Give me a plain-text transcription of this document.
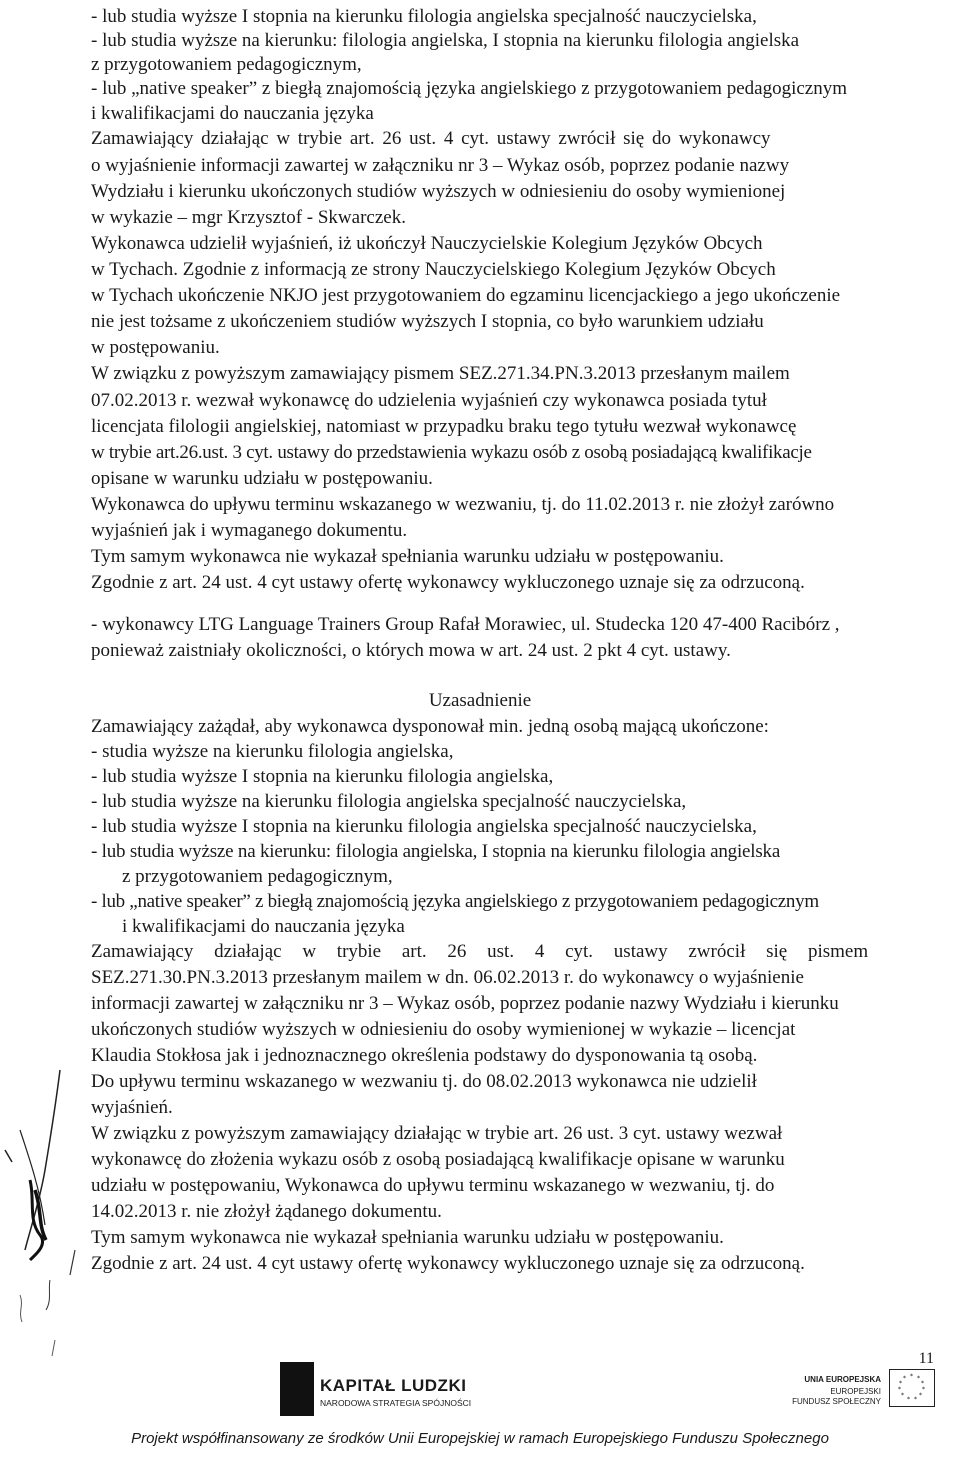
- lub studia wyższe I stopnia na kierunku filologia angielska specjalność nauczycielska,
- lub studia wyższe na kierunku: filologia angielska, I stopnia na kierunku filologia angielska
z przygotowaniem pedagogicznym,
- lub „native speaker” z biegłą znajomością języka angielskiego z przygotowaniem pedagogicznym
i kwalifikacjami do nauczania języka
Zamawiający działając w trybie art. 26 ust. 4 cyt. ustawy zwrócił się do wykonawcy
o wyjaśnienie informacji zawartej w załączniku nr 3 – Wykaz osób, poprzez podanie nazwy
Wydziału i kierunku ukończonych studiów wyższych w odniesieniu do osoby wymienionej
w wykazie – mgr Krzysztof - Skwarczek.
Wykonawca udzielił wyjaśnień, iż ukończył Nauczycielskie Kolegium Języków Obcych
w Tychach. Zgodnie z informacją ze strony Nauczycielskiego Kolegium Języków Obcych
w Tychach ukończenie NKJO jest przygotowaniem do egzaminu licencjackiego a jego ukończenie
nie jest tożsame z ukończeniem studiów wyższych I stopnia, co było warunkiem udziału
w postępowaniu.
W związku z powyższym zamawiający pismem SEZ.271.34.PN.3.2013 przesłanym mailem
07.02.2013 r. wezwał wykonawcę do udzielenia wyjaśnień czy wykonawca posiada tytuł
licencjata filologii angielskiej, natomiast w przypadku braku tego tytułu wezwał wykonawcę
w trybie art.26.ust. 3 cyt. ustawy do przedstawienia wykazu osób z osobą posiadającą kwalifikacje
opisane w warunku udziału w postępowaniu.
Wykonawca do upływu terminu wskazanego w wezwaniu, tj. do 11.02.2013 r. nie złożył zarówno
wyjaśnień jak i wymaganego dokumentu.
Tym samym wykonawca nie wykazał spełniania warunku udziału w postępowaniu.
Zgodnie z art. 24 ust. 4 cyt ustawy ofertę wykonawcy wykluczonego uznaje się za odrzuconą.
- wykonawcy LTG Language Trainers Group Rafał Morawiec, ul. Studecka 120 47-400 Racibórz ,
ponieważ zaistniały okoliczności, o których mowa w art. 24 ust. 2 pkt 4 cyt. ustawy.
Uzasadnienie
Zamawiający zażądał, aby wykonawca dysponował min. jedną osobą mającą ukończone:
- studia wyższe na kierunku filologia angielska,
- lub studia wyższe I stopnia na kierunku filologia angielska,
- lub studia wyższe na kierunku filologia angielska specjalność nauczycielska,
- lub studia wyższe I stopnia na kierunku filologia angielska specjalność nauczycielska,
- lub studia wyższe na kierunku: filologia angielska, I stopnia na kierunku filologia angielska
z przygotowaniem pedagogicznym,
- lub „native speaker” z biegłą znajomością języka angielskiego z przygotowaniem pedagogicznym
i kwalifikacjami do nauczania języka
Zamawiający działając w trybie art. 26 ust. 4 cyt. ustawy zwrócił się pismem
SEZ.271.30.PN.3.2013 przesłanym mailem w dn. 06.02.2013 r. do wykonawcy o wyjaśnienie
informacji zawartej w załączniku nr 3 – Wykaz osób, poprzez podanie nazwy Wydziału i kierunku
ukończonych studiów wyższych w odniesieniu do osoby wymienionej w wykazie – licencjat
Klaudia Stokłosa jak i jednoznacznego określenia podstawy do dysponowania tą osobą.
Do upływu terminu wskazanego w wezwaniu tj. do 08.02.2013 wykonawca nie udzielił
wyjaśnień.
W związku z powyższym zamawiający działając w trybie art. 26 ust. 3 cyt. ustawy wezwał
wykonawcę do złożenia wykazu osób z osobą posiadającą kwalifikacje opisane w warunku
udziału w postępowaniu, Wykonawca do upływu terminu wskazanego w wezwaniu, tj. do
14.02.2013 r. nie złożył żądanego dokumentu.
Tym samym wykonawca nie wykazał spełniania warunku udziału w postępowaniu.
Zgodnie z art. 24 ust. 4 cyt ustawy ofertę wykonawcy wykluczonego uznaje się za odrzuconą.
11
KAPITAŁ LUDZKI
NARODOWA STRATEGIA SPÓJNOŚCI
UNIA EUROPEJSKA
EUROPEJSKI
FUNDUSZ SPOŁECZNY
* *
*
*
*
*
*
*
*
*
*
Projekt współfinansowany ze środków Unii Europejskiej w ramach Europejskiego Funduszu Społecznego
